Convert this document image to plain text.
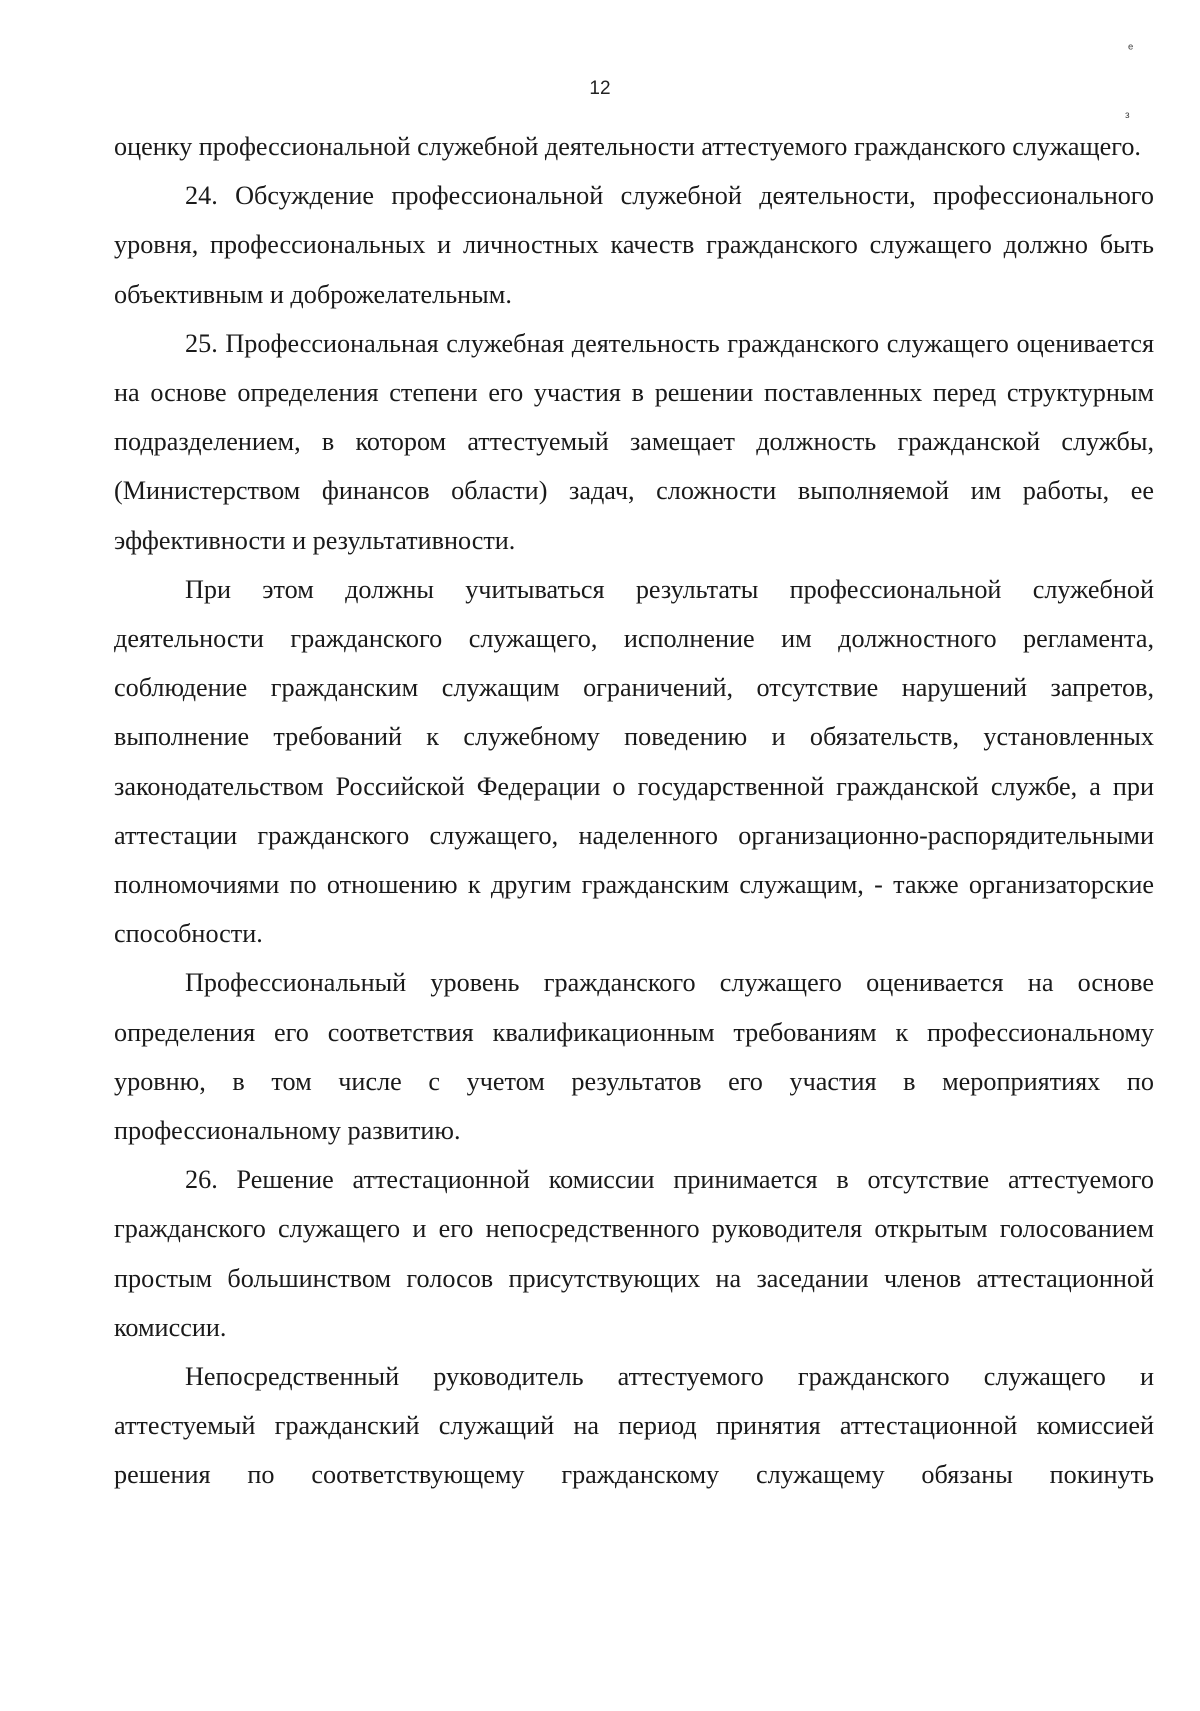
ᵉ
з
12

оценку профессиональной служебной деятельности аттестуемого гражданского служащего.

24. Обсуждение профессиональной служебной деятельности, профессионального уровня, профессиональных и личностных качеств гражданского служащего должно быть объективным и доброжелательным.

25. Профессиональная служебная деятельность гражданского служащего оценивается на основе определения степени его участия в решении поставленных перед структурным подразделением, в котором аттестуемый замещает должность гражданской службы, (Министерством финансов области) задач, сложности выполняемой им работы, ее эффективности и результативности.

При этом должны учитываться результаты профессиональной служебной деятельности гражданского служащего, исполнение им должностного регламента, соблюдение гражданским служащим ограничений, отсутствие нарушений запретов, выполнение требований к служебному поведению и обязательств, установленных законодательством Российской Федерации о государственной гражданской службе, а при аттестации гражданского служащего, наделенного организационно-распорядительными полномочиями по отношению к другим гражданским служащим, - также организаторские способности.

Профессиональный уровень гражданского служащего оценивается на основе определения его соответствия квалификационным требованиям к профессиональному уровню, в том числе с учетом результатов его участия в мероприятиях по профессиональному развитию.

26. Решение аттестационной комиссии принимается в отсутствие аттестуемого гражданского служащего и его непосредственного руководителя открытым голосованием простым большинством голосов присутствующих на заседании членов аттестационной комиссии.

Непосредственный руководитель аттестуемого гражданского служащего и аттестуемый гражданский служащий на период принятия аттестационной комиссией решения по соответствующему гражданскому служащему обязаны покинуть
